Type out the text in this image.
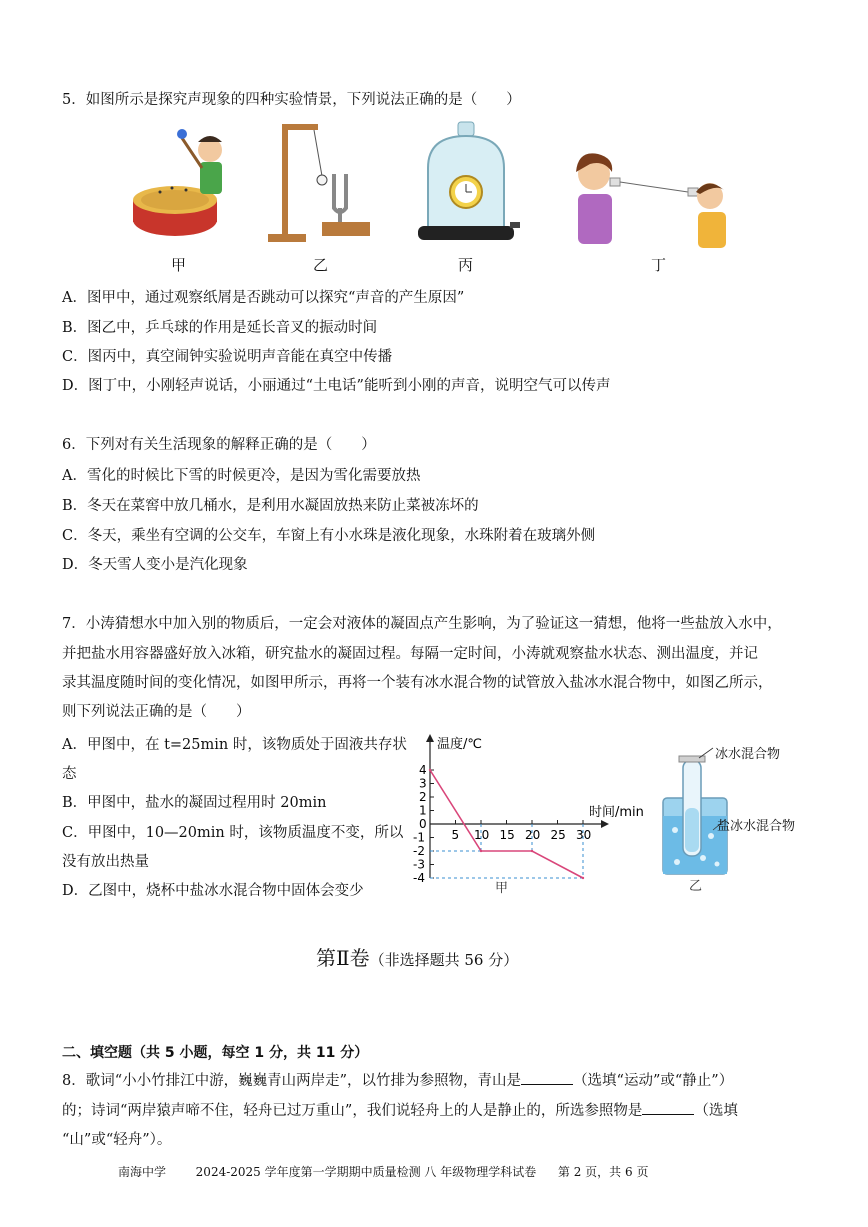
5．如图所示是探究声现象的四种实验情景，下列说法正确的是（　　）
甲	乙	丙	丁
A．图甲中，通过观察纸屑是否跳动可以探究“声音的产生原因”
B．图乙中，乒乓球的作用是延长音叉的振动时间
C．图丙中，真空闹钟实验说明声音能在真空中传播
D．图丁中，小刚轻声说话，小丽通过“土电话”能听到小刚的声音，说明空气可以传声
6．下列对有关生活现象的解释正确的是（　　）
A．雪化的时候比下雪的时候更冷，是因为雪化需要放热
B．冬天在菜窖中放几桶水，是利用水凝固放热来防止菜被冻坏的
C．冬天，乘坐有空调的公交车，车窗上有小水珠是液化现象，水珠附着在玻璃外侧
D．冬天雪人变小是汽化现象
7．小涛猜想水中加入别的物质后，一定会对液体的凝固点产生影响，为了验证这一猜想，他将一些盐放入水中，
并把盐水用容器盛好放入冰箱，研究盐水的凝固过程。每隔一定时间，小涛就观察盐水状态、测出温度，并记
录其温度随时间的变化情况，如图甲所示，再将一个装有冰水混合物的试管放入盐冰水混合物中，如图乙所示，
则下列说法正确的是（　　）
A．甲图中，在 t=25min 时，该物质处于固液共存状
态
B．甲图中，盐水的凝固过程用时 20min
C．甲图中，10—20min 时，该物质温度不变，所以
没有放出热量
D．乙图中，烧杯中盐冰水混合物中固体会变少
温度/℃
时间/min
甲
5 10 15 20 25 30
-4
-3
-2
-1
0
1
2
3
4
冰水混合物
盐冰水混合物
乙
第Ⅱ卷（非选择题共 56 分）
二、填空题（共 5 小题，每空 1 分，共 11 分）
8．歌词“小小竹排江中游，巍巍青山两岸走”，以竹排为参照物，青山是	（选填“运动”或“静止”）
的；诗词“两岸猿声啼不住，轻舟已过万重山”，我们说轻舟上的人是静止的，所选参照物是	（选填
“山”或“轻舟”）。
南海中学 2024-2025 学年度第一学期期中质量检测 八 年级物理学科试卷 第 2 页，共 6 页
